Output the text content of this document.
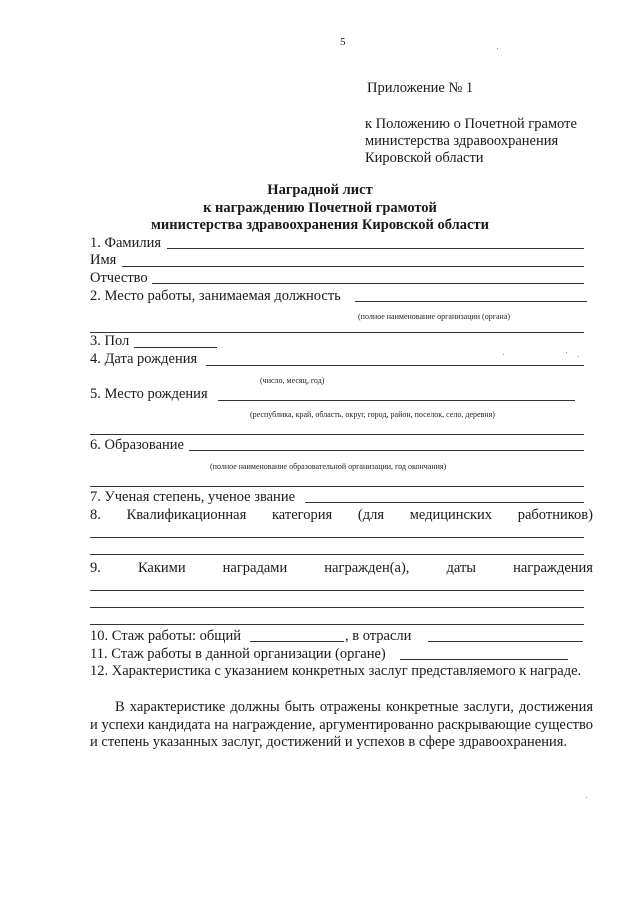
5
Приложение № 1
к Положению о Почетной грамоте
министерства здравоохранения
Кировской области
Наградной лист
к награждению Почетной грамотой
министерства здравоохранения Кировской области
1. Фамилия
Имя
Отчество
2. Место работы, занимаемая должность
(полное наименование организации (органа)
3. Пол
4. Дата рождения
(число, месяц, год)
5. Место рождения
(республика, край, область, округ, город, район, поселок, село, деревня)
6. Образование
(полное наименование образовательной организации, год окончания)
7. Ученая степень, ученое звание
8. Квалификационная категория (для медицинских работников)
9.	Какими	наградами	награжден(а),	даты	награждения
10. Стаж работы: общий	, в отрасли
11. Стаж работы в данной организации (органе)
12. Характеристика с указанием конкретных заслуг представляемого к награде.
В характеристике должны быть отражены конкретные заслуги, достижения и успехи кандидата на награждение, аргументированно раскрывающие существо и степень указанных заслуг, достижений и успехов в сфере здравоохранения.
